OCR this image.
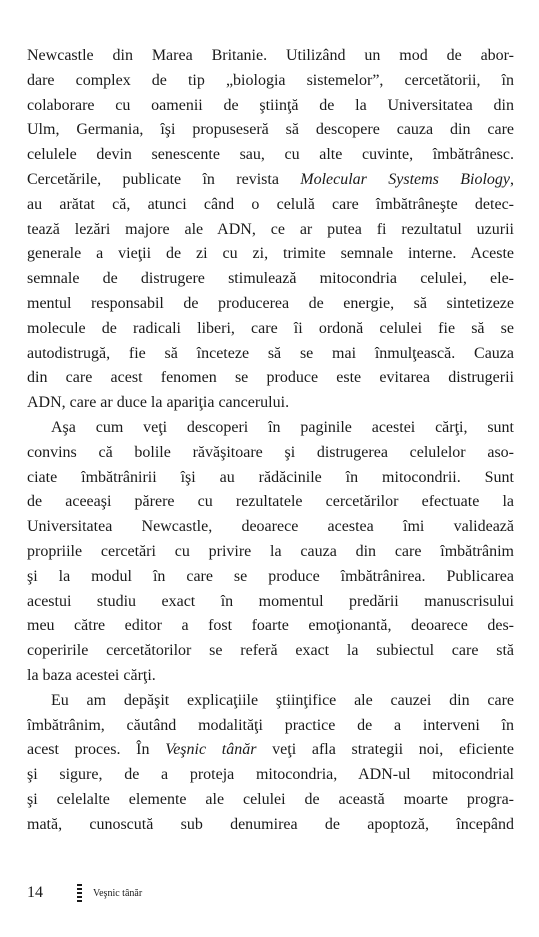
Newcastle din Marea Britanie. Utilizând un mod de abor-
dare complex de tip „biologia sistemelor”, cercetătorii, în
colaborare cu oamenii de ştiinţă de la Universitatea din
Ulm, Germania, îşi propuseseră să descopere cauza din care
celulele devin senescente sau, cu alte cuvinte, îmbătrânesc.
Cercetările, publicate în revista Molecular Systems Biology,
au arătat că, atunci când o celulă care îmbătrâneşte detec-
tează lezări majore ale ADN, ce ar putea fi rezultatul uzurii
generale a vieţii de zi cu zi, trimite semnale interne. Aceste
semnale de distrugere stimulează mitocondria celulei, ele-
mentul responsabil de producerea de energie, să sintetizeze
molecule de radicali liberi, care îi ordonă celulei fie să se
autodistrugă, fie să înceteze să se mai înmulţească. Cauza
din care acest fenomen se produce este evitarea distrugerii
ADN, care ar duce la apariţia cancerului.
Aşa cum veţi descoperi în paginile acestei cărţi, sunt
convins că bolile răvăşitoare şi distrugerea celulelor aso-
ciate îmbătrânirii îşi au rădăcinile în mitocondrii. Sunt
de aceeaşi părere cu rezultatele cercetărilor efectuate la
Universitatea Newcastle, deoarece acestea îmi validează
propriile cercetări cu privire la cauza din care îmbătrânim
şi la modul în care se produce îmbătrânirea. Publicarea
acestui studiu exact în momentul predării manuscrisului
meu către editor a fost foarte emoţionantă, deoarece des-
coperirile cercetătorilor se referă exact la subiectul care stă
la baza acestei cărţi.
Eu am depăşit explicaţiile ştiinţifice ale cauzei din care
îmbătrânim, căutând modalităţi practice de a interveni în
acest proces. În Veşnic tânăr veţi afla strategii noi, eficiente
şi sigure, de a proteja mitocondria, ADN-ul mitocondrial
şi celelalte elemente ale celulei de această moarte progra-
mată, cunoscută sub denumirea de apoptoză, începând
14	Veşnic tânăr
